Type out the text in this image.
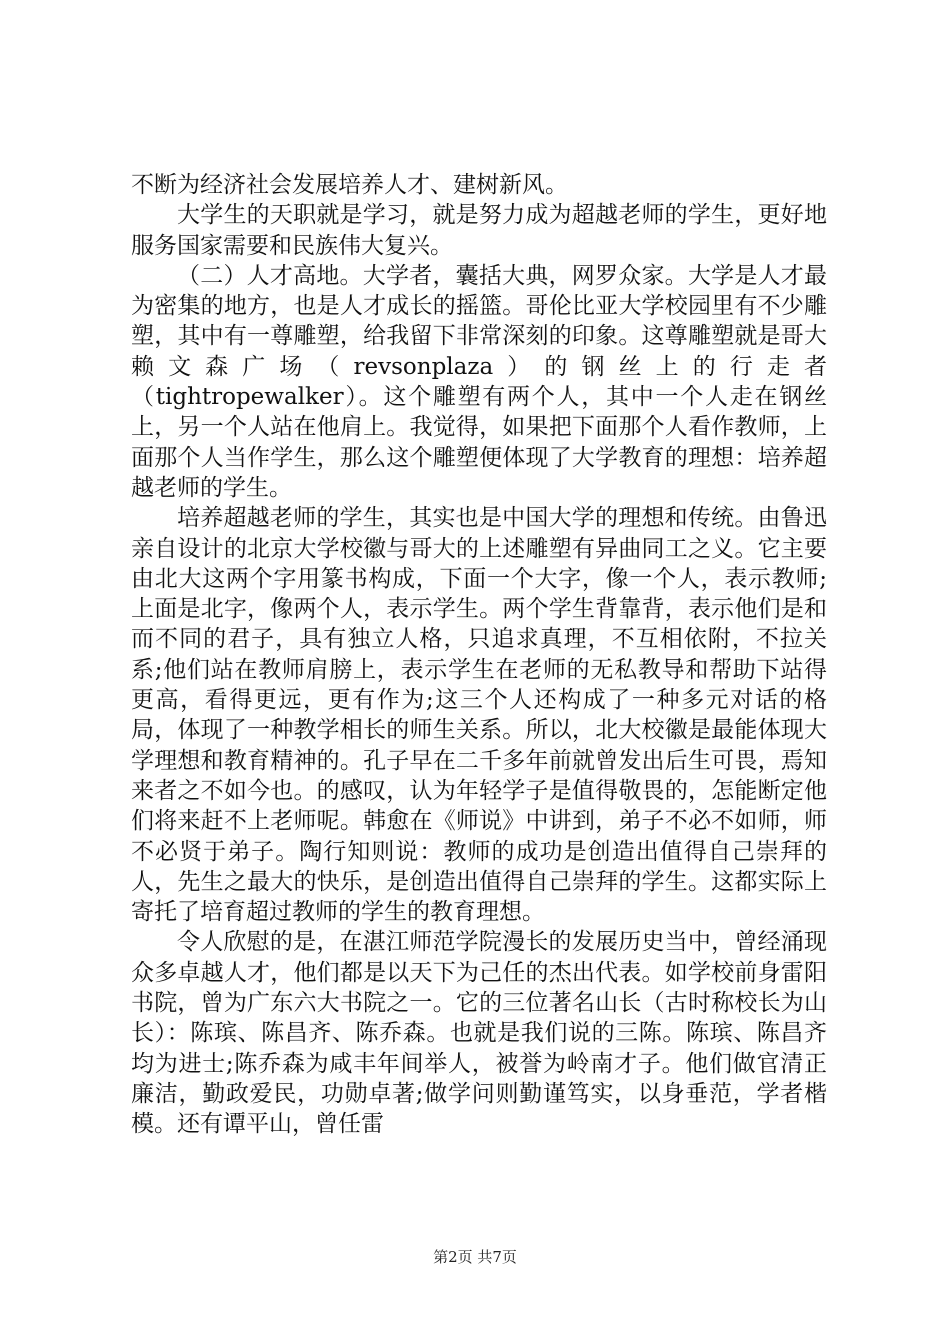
不断为经济社会发展培养人才、建树新风。

大学生的天职就是学习，就是努力成为超越老师的学生，更好地服务国家需要和民族伟大复兴。

（二）人才高地。大学者，囊括大典，网罗众家。大学是人才最为密集的地方，也是人才成长的摇篮。哥伦比亚大学校园里有不少雕塑，其中有一尊雕塑，给我留下非常深刻的印象。这尊雕塑就是哥大赖文森广场（revsonplaza）的钢丝上的行走者（tightropewalker）。这个雕塑有两个人，其中一个人走在钢丝上，另一个人站在他肩上。我觉得，如果把下面那个人看作教师，上面那个人当作学生，那么这个雕塑便体现了大学教育的理想：培养超越老师的学生。

培养超越老师的学生，其实也是中国大学的理想和传统。由鲁迅亲自设计的北京大学校徽与哥大的上述雕塑有异曲同工之义。它主要由北大这两个字用篆书构成，下面一个大字，像一个人，表示教师;上面是北字，像两个人，表示学生。两个学生背靠背，表示他们是和而不同的君子，具有独立人格，只追求真理，不互相依附，不拉关系;他们站在教师肩膀上，表示学生在老师的无私教导和帮助下站得更高，看得更远，更有作为;这三个人还构成了一种多元对话的格局，体现了一种教学相长的师生关系。所以，北大校徽是最能体现大学理想和教育精神的。孔子早在二千多年前就曾发出后生可畏，焉知来者之不如今也。的感叹，认为年轻学子是值得敬畏的，怎能断定他们将来赶不上老师呢。韩愈在《师说》中讲到，弟子不必不如师，师不必贤于弟子。陶行知则说：教师的成功是创造出值得自己崇拜的人，先生之最大的快乐，是创造出值得自己崇拜的学生。这都实际上寄托了培育超过教师的学生的教育理想。

令人欣慰的是，在湛江师范学院漫长的发展历史当中，曾经涌现众多卓越人才，他们都是以天下为己任的杰出代表。如学校前身雷阳书院，曾为广东六大书院之一。它的三位著名山长（古时称校长为山长）：陈瑸、陈昌齐、陈乔森。也就是我们说的三陈。陈瑸、陈昌齐均为进士;陈乔森为咸丰年间举人，被誉为岭南才子。他们做官清正廉洁，勤政爱民，功勋卓著;做学问则勤谨笃实，以身垂范，学者楷模。还有谭平山，曾任雷

第2页 共7页
